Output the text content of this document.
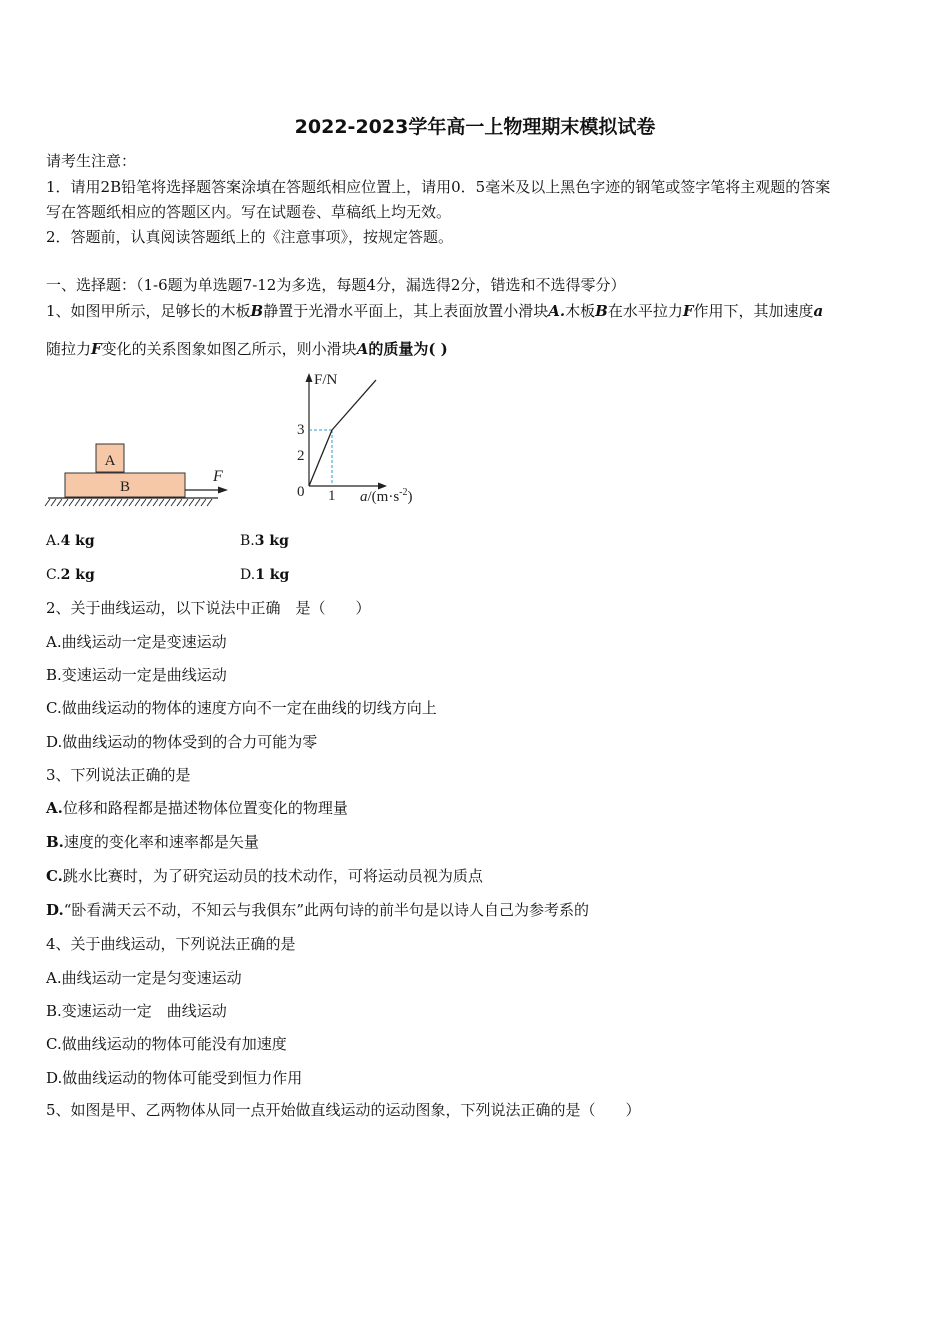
2022-2023学年高一上物理期末模拟试卷
请考生注意：
1．请用2B铅笔将选择题答案涂填在答题纸相应位置上，请用0．5毫米及以上黑色字迹的钢笔或签字笔将主观题的答案
写在答题纸相应的答题区内。写在试题卷、草稿纸上均无效。
2．答题前，认真阅读答题纸上的《注意事项》，按规定答题。
一、选择题：（1-6题为单选题7-12为多选，每题4分，漏选得2分，错选和不选得零分）
1、如图甲所示，足够长的木板B静置于光滑水平面上，其上表面放置小滑块A.木板B在水平拉力F作用下，其加速度a
随拉力F变化的关系图象如图乙所示，则小滑块A的质量为( )
A
B
F
F/N
$a/(m\cdot s^{-2})$
0
2
3
1
A.4 kg	B.3 kg
C.2 kg	D.1 kg
2、关于曲线运动，以下说法中正确　是（　　）
A.曲线运动一定是变速运动
B.变速运动一定是曲线运动
C.做曲线运动的物体的速度方向不一定在曲线的切线方向上
D.做曲线运动的物体受到的合力可能为零
3、下列说法正确的是
A.位移和路程都是描述物体位置变化的物理量
B.速度的变化率和速率都是矢量
C.跳水比赛时，为了研究运动员的技术动作，可将运动员视为质点
D.“卧看满天云不动，不知云与我俱东”此两句诗的前半句是以诗人自己为参考系的
4、关于曲线运动，下列说法正确的是
A.曲线运动一定是匀变速运动
B.变速运动一定　曲线运动
C.做曲线运动的物体可能没有加速度
D.做曲线运动的物体可能受到恒力作用
5、如图是甲、乙两物体从同一点开始做直线运动的运动图象，下列说法正确的是（　　）
